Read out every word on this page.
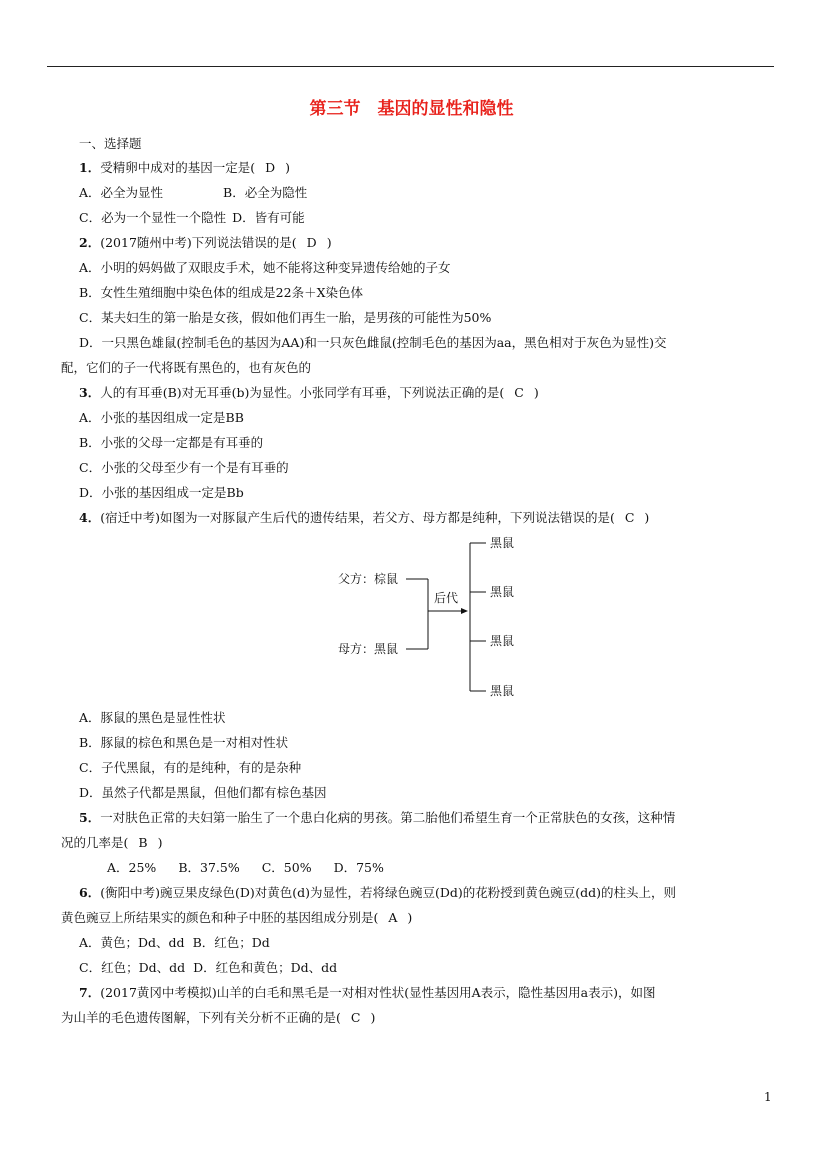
第三节　基因的显性和隐性
一、选择题
1．受精卵中成对的基因一定是( D )
A．必全为显性	B．必全为隐性
C．必为一个显性一个隐性 D．皆有可能
2．(2017随州中考)下列说法错误的是( D )
A．小明的妈妈做了双眼皮手术，她不能将这种变异遗传给她的子女
B．女性生殖细胞中染色体的组成是22条＋X染色体
C．某夫妇生的第一胎是女孩，假如他们再生一胎，是男孩的可能性为50%
D．一只黑色雄鼠(控制毛色的基因为AA)和一只灰色雌鼠(控制毛色的基因为aa，黑色相对于灰色为显性)交
配，它们的子一代将既有黑色的，也有灰色的
3．人的有耳垂(B)对无耳垂(b)为显性。小张同学有耳垂，下列说法正确的是( C )
A．小张的基因组成一定是BB
B．小张的父母一定都是有耳垂的
C．小张的父母至少有一个是有耳垂的
D．小张的基因组成一定是Bb
4．(宿迁中考)如图为一对豚鼠产生后代的遗传结果，若父方、母方都是纯种，下列说法错误的是( C )
父方：棕鼠
母方：黑鼠
后代
黑鼠
黑鼠
黑鼠
黑鼠
A．豚鼠的黑色是显性性状
B．豚鼠的棕色和黑色是一对相对性状
C．子代黑鼠，有的是纯种，有的是杂种
D．虽然子代都是黑鼠，但他们都有棕色基因
5．一对肤色正常的夫妇第一胎生了一个患白化病的男孩。第二胎他们希望生育一个正常肤色的女孩，这种情
况的几率是( B )
A．25% B．37.5% C．50% D．75%
6．(衡阳中考)豌豆果皮绿色(D)对黄色(d)为显性，若将绿色豌豆(Dd)的花粉授到黄色豌豆(dd)的柱头上，则
黄色豌豆上所结果实的颜色和种子中胚的基因组成分别是( A )
A．黄色；Dd、dd B．红色；Dd
C．红色；Dd、dd D．红色和黄色；Dd、dd
7．(2017黄冈中考模拟)山羊的白毛和黑毛是一对相对性状(显性基因用A表示，隐性基因用a表示)，如图
为山羊的毛色遗传图解，下列有关分析不正确的是( C )
1
